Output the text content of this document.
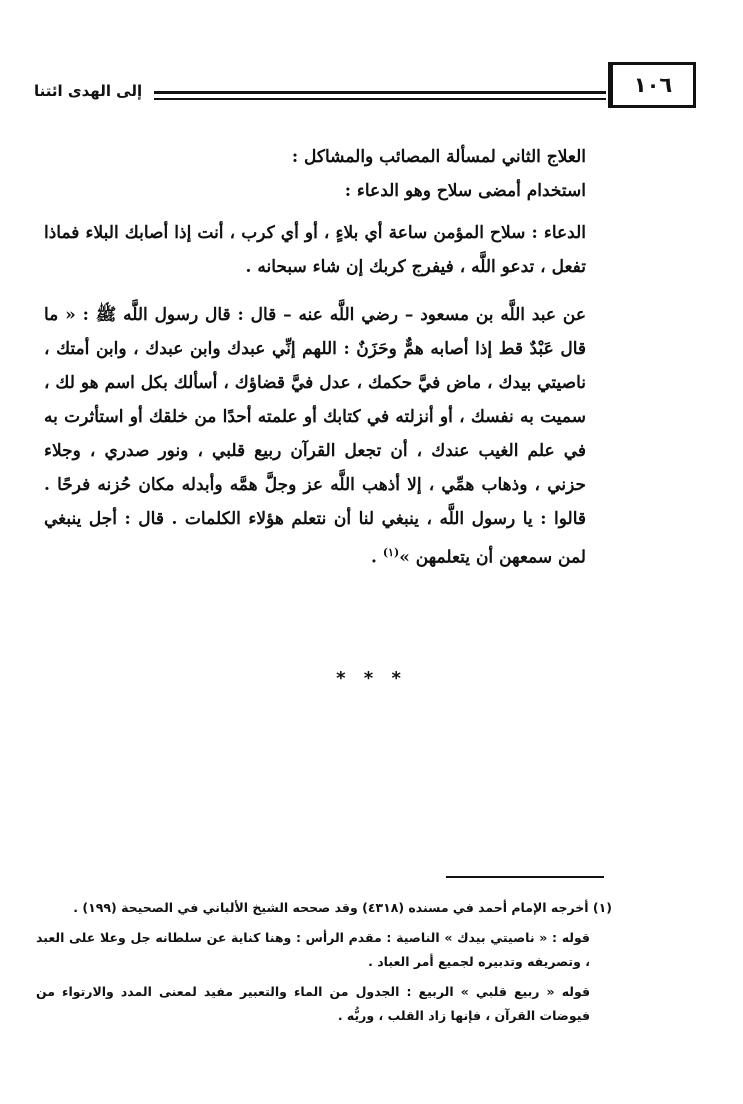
إلى الهدى ائتنا	١٠٦

العلاج الثاني لمسألة المصائب والمشاكل :

استخدام أمضى سلاح وهو الدعاء :

الدعاء : سلاح المؤمن ساعة أي بلاءٍ ، أو أي كرب ، أنت إذا أصابك البلاء فماذا تفعل ، تدعو اللَّه ، فيفرج كربك إن شاء سبحانه .

عن عبد اللَّه بن مسعود – رضي اللَّه عنه – قال : قال رسول اللَّه ﷺ : « ما قال عَبْدٌ قط إذا أصابه همٌّ وحَزَنٌ : اللهم إنِّي عبدك وابن عبدك ، وابن أمتك ، ناصيتي بيدك ، ماض فيَّ حكمك ، عدل فيَّ قضاؤك ، أسألك بكل اسم هو لك ، سميت به نفسك ، أو أنزلته في كتابك أو علمته أحدًا من خلقك أو استأثرت به في علم الغيب عندك ، أن تجعل القرآن ربيع قلبي ، ونور صدري ، وجلاء حزني ، وذهاب همِّي ، إلا أذهب اللَّه عز وجلَّ همَّه وأبدله مكان حُزنه فرحًا . قالوا : يا رسول اللَّه ، ينبغي لنا أن نتعلم هؤلاء الكلمات . قال : أجل ينبغي لمن سمعهن أن يتعلمهن »$^{(١)}$ .

* * *

(١) أخرجه الإمام أحمد في مسنده (٤٣١٨) وقد صححه الشيخ الألباني في الصحيحة (١٩٩) .

قوله : « ناصيتي بيدك » الناصية : مقدم الرأس : وهنا كناية عن سلطانه جل وعلا على العبد ، وتصريفه وتدبيره لجميع أمر العباد .

قوله « ربيع قلبي » الربيع : الجدول من الماء والتعبير مفيد لمعنى المدد والارتواء من فيوضات القرآن ، فإنها زاد القلب ، وريُّه .
